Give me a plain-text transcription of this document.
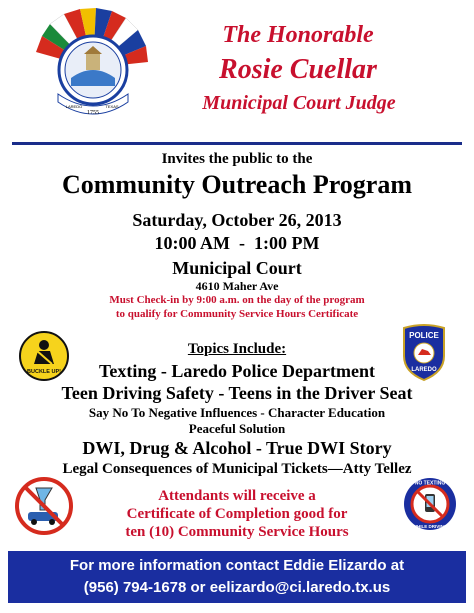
1755
LAREDO	TEXAS
The Honorable
Rosie Cuellar
Municipal Court Judge
Invites the public to the
Community Outreach Program
Saturday, October 26, 2013
10:00 AM  -  1:00 PM
Municipal Court
4610 Maher Ave
Must Check-in by 9:00 a.m. on the day of the program
to qualify for Community Service Hours Certificate
BUCKLE UP!
POLICE
LAREDO
Topics Include:
Texting - Laredo Police Department
Teen Driving Safety - Teens in the Driver Seat
Say No To Negative Influences - Character Education
Peaceful Solution
DWI, Drug & Alcohol - True DWI Story
Legal Consequences of Municipal Tickets—Atty Tellez
NO TEXTING
WHILE DRIVING
Attendants will receive a
Certificate of Completion good for
ten (10) Community Service Hours
For more information contact Eddie Elizardo at
(956) 794-1678 or eelizardo@ci.laredo.tx.us
